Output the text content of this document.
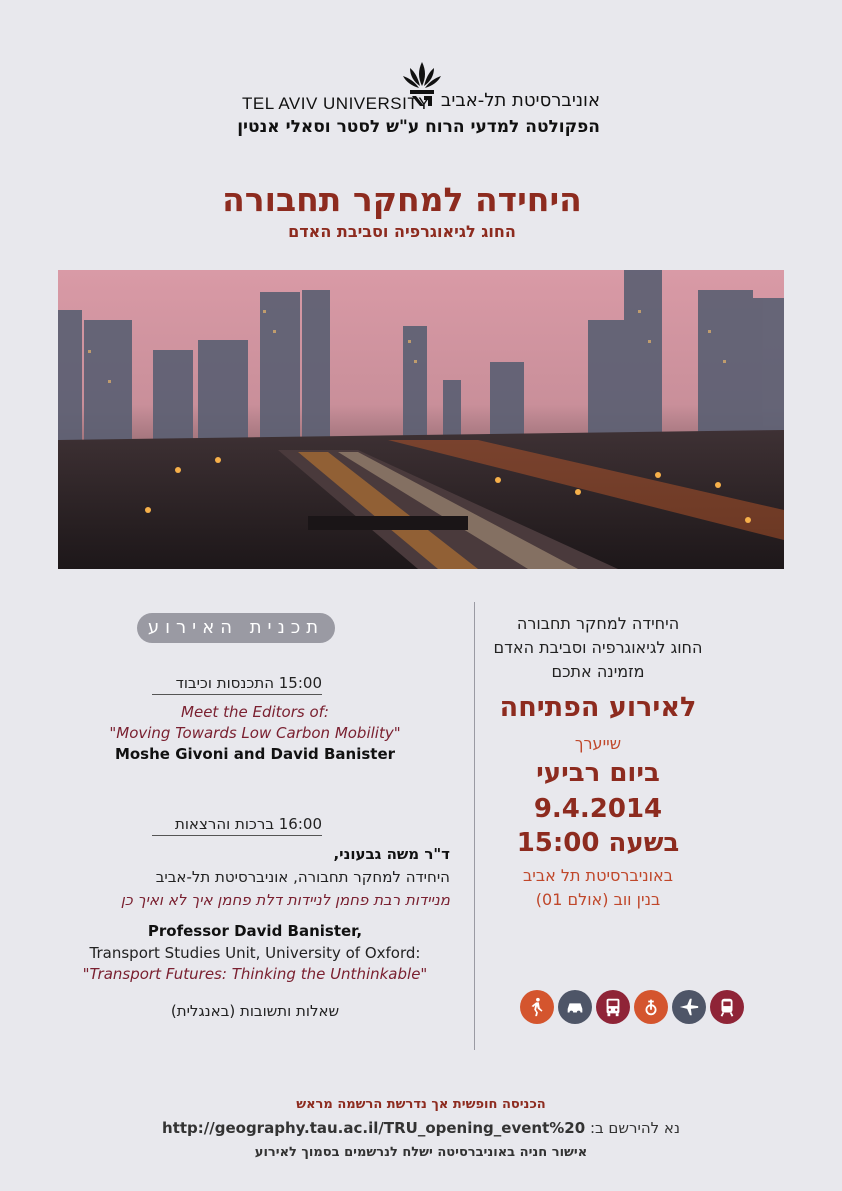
TEL AVIV UNIVERSITY אוניברסיטת תל-אביב
הפקולטה למדעי הרוח ע"ש לסטר וסאלי אנטין
היחידה למחקר תחבורה
החוג לגיאוגרפיה וסביבת האדם
היחידה למחקר תחבורה
החוג לגיאוגרפיה וסביבת האדם
מזמינה אתכם
לאירוע הפתיחה
שייערך
ביום רביעי
9.4.2014
בשעה 15:00
באוניברסיטת תל אביב
בנין ווב (אולם 01)
תכנית האירוע
15:00 התכנסות וכיבוד
Meet the Editors of:
"Moving Towards Low Carbon Mobility"
Moshe Givoni and David Banister
16:00 ברכות והרצאות
ד"ר משה גבעוני,
היחידה למחקר תחבורה, אוניברסיטת תל-אביב
מניידות רבת פחמן לניידות דלת פחמן איך לא ואיך כן
Professor David Banister,
Transport Studies Unit, University of Oxford:
"Transport Futures: Thinking the Unthinkable"
שאלות ותשובות (באנגלית)
הכניסה חופשית אך נדרשת הרשמה מראש
http://geography.tau.ac.il/TRU_opening_event%20 נא להירשם ב:
אישור חניה באוניברסיטה ישלח לנרשמים בסמוך לאירוע
